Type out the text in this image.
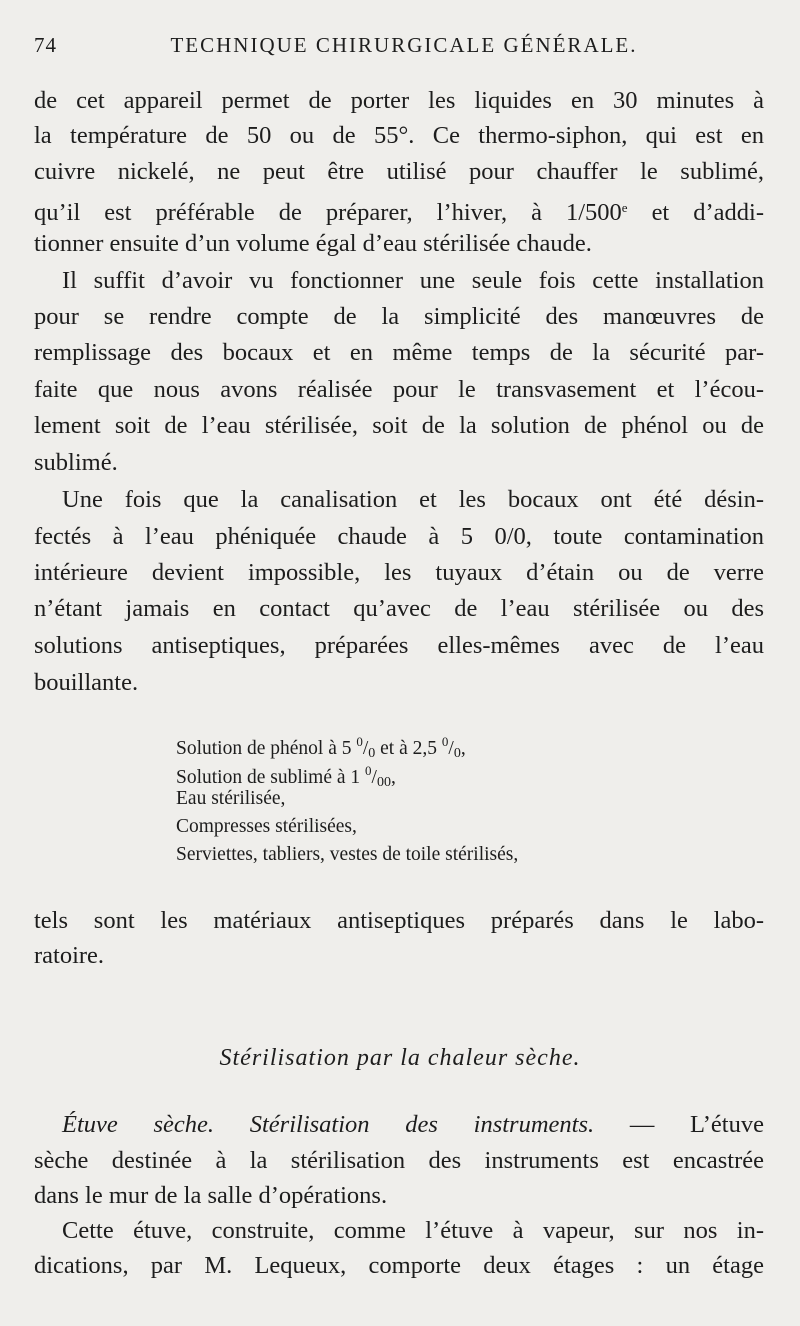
74	TECHNIQUE CHIRURGICALE GÉNÉRALE.
de cet appareil permet de porter les liquides en 30 minutes à
la température de 50 ou de 55°. Ce thermo-siphon, qui est en
cuivre nickelé, ne peut être utilisé pour chauffer le sublimé,
qu’il est préférable de préparer, l’hiver, à 1/500e et d’addi-
tionner ensuite d’un volume égal d’eau stérilisée chaude.
Il suffit d’avoir vu fonctionner une seule fois cette installation
pour se rendre compte de la simplicité des manœuvres de
remplissage des bocaux et en même temps de la sécurité par-
faite que nous avons réalisée pour le transvasement et l’écou-
lement soit de l’eau stérilisée, soit de la solution de phénol ou de
sublimé.
Une fois que la canalisation et les bocaux ont été désin-
fectés à l’eau phéniquée chaude à 5 0/0, toute contamination
intérieure devient impossible, les tuyaux d’étain ou de verre
n’étant jamais en contact qu’avec de l’eau stérilisée ou des
solutions antiseptiques, préparées elles-mêmes avec de l’eau
bouillante.
Solution de phénol à 5 $^0/_0$ et à 2,5 $^0/_0$,
Solution de sublimé à 1 $^0/_{00}$,
Eau stérilisée,
Compresses stérilisées,
Serviettes, tabliers, vestes de toile stérilisés,
tels sont les matériaux antiseptiques préparés dans le labo-
ratoire.
Stérilisation par la chaleur sèche.
Étuve sèche. Stérilisation des instruments. — L’étuve
sèche destinée à la stérilisation des instruments est encastrée
dans le mur de la salle d’opérations.
Cette étuve, construite, comme l’étuve à vapeur, sur nos in-
dications, par M. Lequeux, comporte deux étages : un étage
